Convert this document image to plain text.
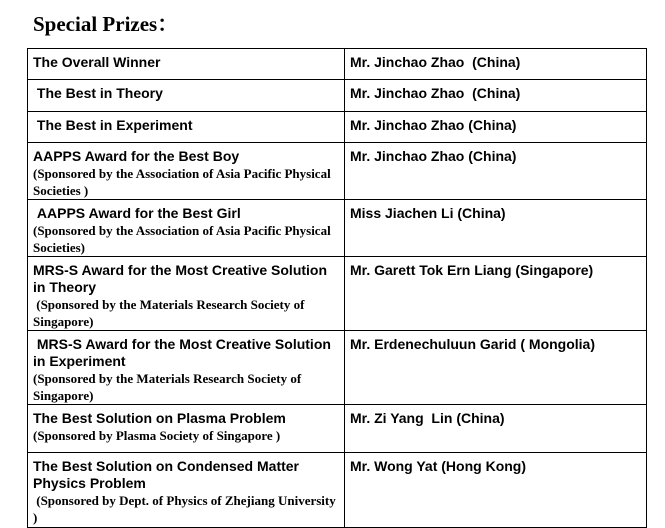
Special Prizes：
The Overall Winner	Mr. Jinchao Zhao  (China)

The Best in Theory	Mr. Jinchao Zhao  (China)

The Best in Experiment	Mr. Jinchao Zhao (China)

AAPPS Award for the Best Boy
(Sponsored by the Association of Asia Pacific Physical Societies )	Mr. Jinchao Zhao (China)

AAPPS Award for the Best Girl
(Sponsored by the Association of Asia Pacific Physical Societies)	Miss Jiachen Li (China)

MRS-S Award for the Most Creative Solution in Theory
(Sponsored by the Materials Research Society of Singapore)	Mr. Garett Tok Ern Liang (Singapore)

MRS-S Award for the Most Creative Solution in Experiment
(Sponsored by the Materials Research Society of Singapore)	Mr. Erdenechuluun Garid ( Mongolia)

The Best Solution on Plasma Problem
(Sponsored by Plasma Society of Singapore )	Mr. Zi Yang  Lin (China)

The Best Solution on Condensed Matter Physics Problem
(Sponsored by Dept. of Physics of Zhejiang University )	Mr. Wong Yat (Hong Kong)
